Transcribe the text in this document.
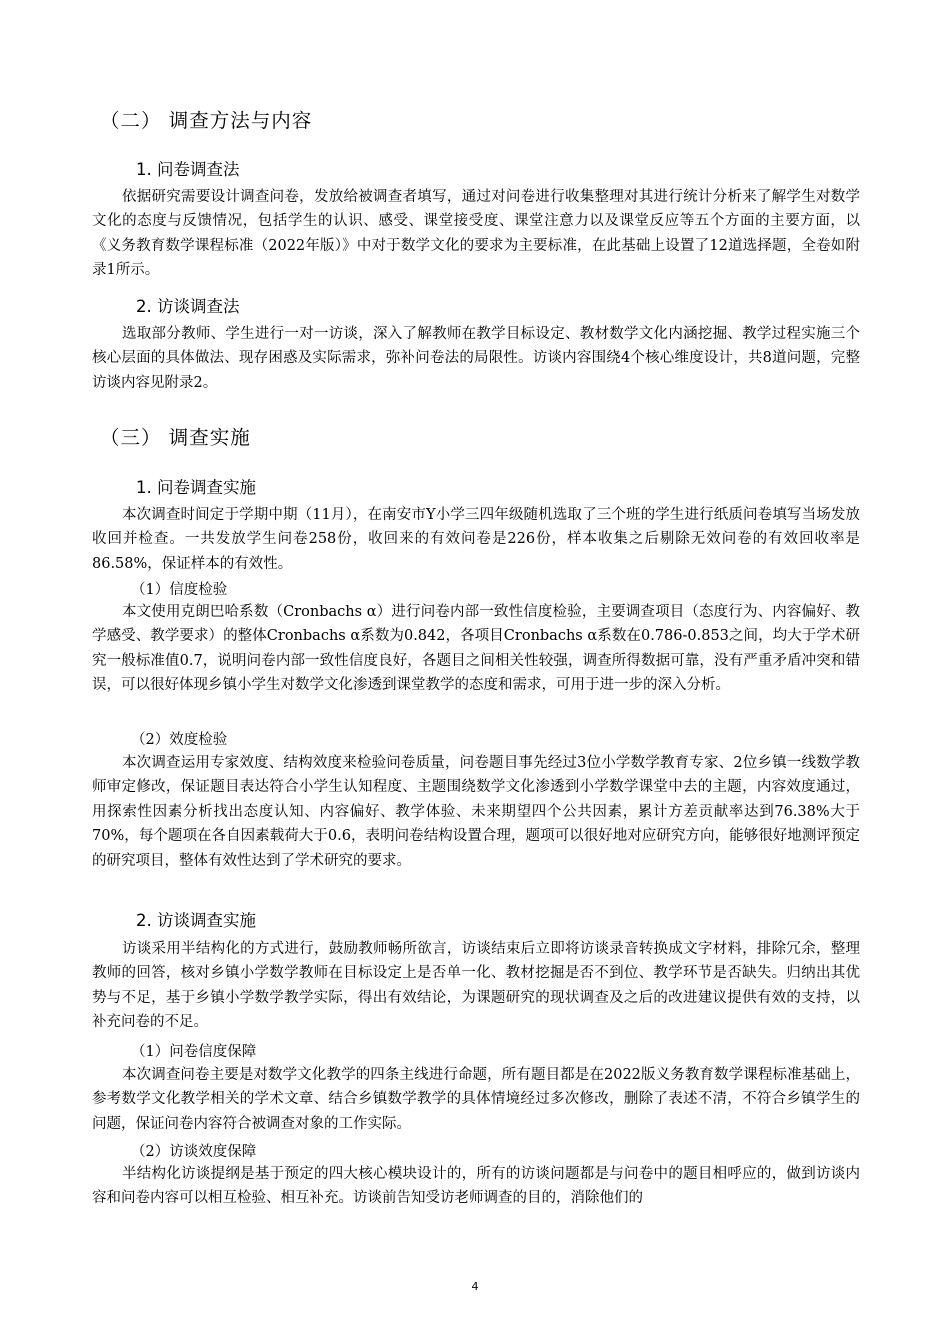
（二） 调查方法与内容
1. 问卷调查法

依据研究需要设计调查问卷，发放给被调查者填写，通过对问卷进行收集整理对其进行统计分析来了解学生对数学文化的态度与反馈情况，包括学生的认识、感受、课堂接受度、课堂注意力以及课堂反应等五个方面的主要方面，以《义务教育数学课程标准（2022年版）》中对于数学文化的要求为主要标准，在此基础上设置了12道选择题，全卷如附录1所示。

2. 访谈调查法

选取部分教师、学生进行一对一访谈，深入了解教师在教学目标设定、教材数学文化内涵挖掘、教学过程实施三个核心层面的具体做法、现存困惑及实际需求，弥补问卷法的局限性。访谈内容围绕4个核心维度设计，共8道问题，完整访谈内容见附录2。

（三） 调查实施
1. 问卷调查实施

本次调查时间定于学期中期（11月），在南安市Y小学三四年级随机选取了三个班的学生进行纸质问卷填写当场发放收回并检查。一共发放学生问卷258份，收回来的有效问卷是226份，样本收集之后剔除无效问卷的有效回收率是86.58%，保证样本的有效性。

（1）信度检验

本文使用克朗巴哈系数（Cronbachs α）进行问卷内部一致性信度检验，主要调查项目（态度行为、内容偏好、教学感受、教学要求）的整体Cronbachs α系数为0.842，各项目Cronbachs α系数在0.786-0.853之间，均大于学术研究一般标准值0.7，说明问卷内部一致性信度良好，各题目之间相关性较强，调查所得数据可靠，没有严重矛盾冲突和错误，可以很好体现乡镇小学生对数学文化渗透到课堂教学的态度和需求，可用于进一步的深入分析。

（2）效度检验

本次调查运用专家效度、结构效度来检验问卷质量，问卷题目事先经过3位小学数学教育专家、2位乡镇一线数学教师审定修改，保证题目表达符合小学生认知程度、主题围绕数学文化渗透到小学数学课堂中去的主题，内容效度通过，用探索性因素分析找出态度认知、内容偏好、教学体验、未来期望四个公共因素，累计方差贡献率达到76.38%大于70%，每个题项在各自因素载荷大于0.6，表明问卷结构设置合理，题项可以很好地对应研究方向，能够很好地测评预定的研究项目，整体有效性达到了学术研究的要求。

2. 访谈调查实施

访谈采用半结构化的方式进行，鼓励教师畅所欲言，访谈结束后立即将访谈录音转换成文字材料，排除冗余，整理教师的回答，核对乡镇小学数学教师在目标设定上是否单一化、教材挖掘是否不到位、教学环节是否缺失。归纳出其优势与不足，基于乡镇小学数学教学实际，得出有效结论，为课题研究的现状调查及之后的改进建议提供有效的支持，以补充问卷的不足。

（1）问卷信度保障

本次调查问卷主要是对数学文化教学的四条主线进行命题，所有题目都是在2022版义务教育数学课程标准基础上，参考数学文化教学相关的学术文章、结合乡镇数学教学的具体情境经过多次修改，删除了表述不清，不符合乡镇学生的问题，保证问卷内容符合被调查对象的工作实际。

（2）访谈效度保障

半结构化访谈提纲是基于预定的四大核心模块设计的，所有的访谈问题都是与问卷中的题目相呼应的，做到访谈内容和问卷内容可以相互检验、相互补充。访谈前告知受访老师调查的目的，消除他们的

4
